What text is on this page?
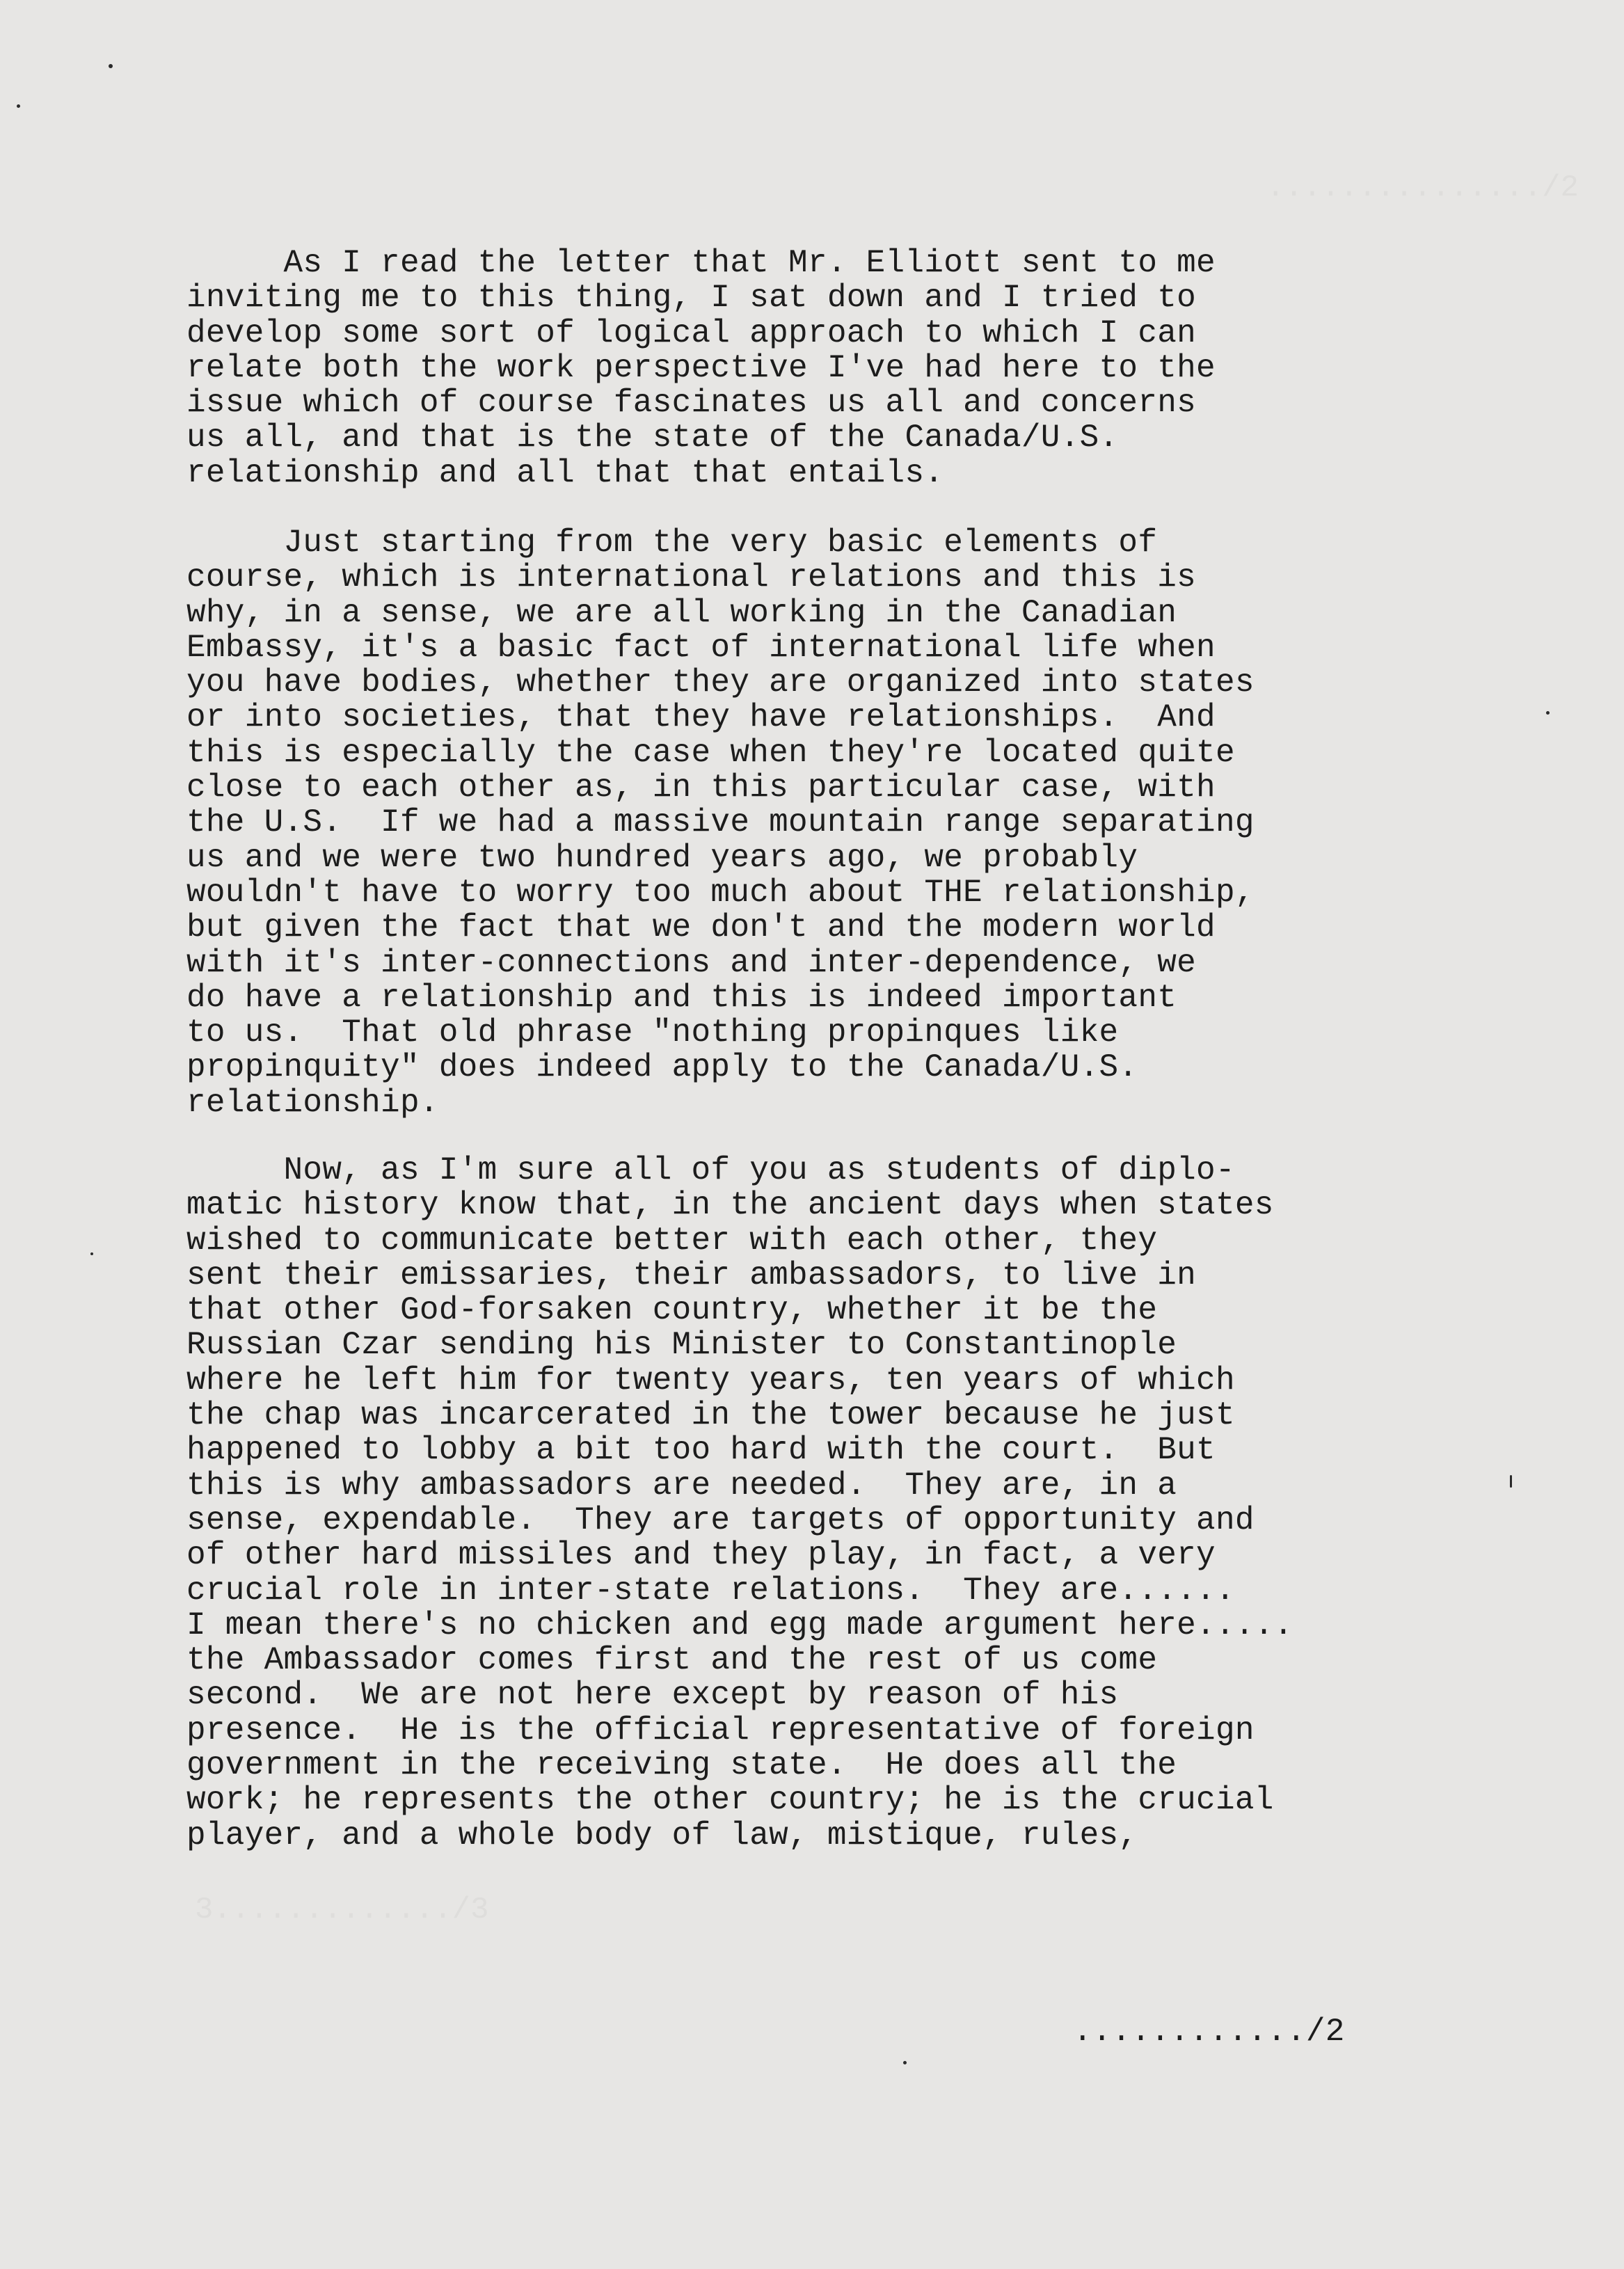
.............../2
3............./3
As I read the letter that Mr. Elliott sent to me
inviting me to this thing, I sat down and I tried to
develop some sort of logical approach to which I can
relate both the work perspective I've had here to the
issue which of course fascinates us all and concerns
us all, and that is the state of the Canada/U.S.
relationship and all that that entails.
Just starting from the very basic elements of
course, which is international relations and this is
why, in a sense, we are all working in the Canadian
Embassy, it's a basic fact of international life when
you have bodies, whether they are organized into states
or into societies, that they have relationships.  And
this is especially the case when they're located quite
close to each other as, in this particular case, with
the U.S.  If we had a massive mountain range separating
us and we were two hundred years ago, we probably
wouldn't have to worry too much about THE relationship,
but given the fact that we don't and the modern world
with it's inter-connections and inter-dependence, we
do have a relationship and this is indeed important
to us.  That old phrase "nothing propinques like
propinquity" does indeed apply to the Canada/U.S.
relationship.
Now, as I'm sure all of you as students of diplo-
matic history know that, in the ancient days when states
wished to communicate better with each other, they
sent their emissaries, their ambassadors, to live in
that other God-forsaken country, whether it be the
Russian Czar sending his Minister to Constantinople
where he left him for twenty years, ten years of which
the chap was incarcerated in the tower because he just
happened to lobby a bit too hard with the court.  But
this is why ambassadors are needed.  They are, in a
sense, expendable.  They are targets of opportunity and
of other hard missiles and they play, in fact, a very
crucial role in inter-state relations.  They are......
I mean there's no chicken and egg made argument here.....
the Ambassador comes first and the rest of us come
second.  We are not here except by reason of his
presence.  He is the official representative of foreign
government in the receiving state.  He does all the
work; he represents the other country; he is the crucial
player, and a whole body of law, mistique, rules,
............/2
